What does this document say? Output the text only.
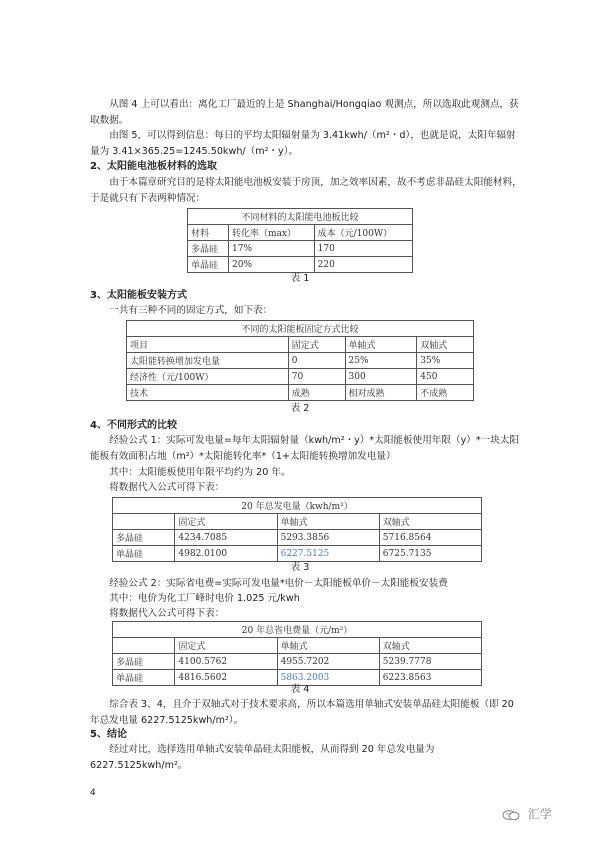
从图 4 上可以看出：离化工厂最近的上是 Shanghai/Hongqiao 观测点，所以选取此观测点，获取数据。

由图 5，可以得到信息：每日的平均太阳辐射量为 3.41kwh/（m²・d），也就是说，太阳年辐射量为 3.41×365.25=1245.50kwh/（m²・y）。

2、太阳能电池板材料的选取

由于本篇章研究目的是将太阳能电池板安装于房顶，加之效率因素，故不考虑非晶硅太阳能材料，于是就只有下表两种情况：

不同材料的太阳能电池板比较		
材料	转化率（max）	成本（元/100W）
多晶硅	17%	170
单晶硅	20%	220
表 1

3、太阳能板安装方式

一共有三种不同的固定方式，如下表：

不同的太阳能板固定方式比较			
项目	固定式	单轴式	双轴式
太阳能转换增加发电量	0	25%	35%
经济性（元/100W）	70	300	450
技术	成熟	相对成熟	不成熟
表 2

4、不同形式的比较

经验公式 1：实际可发电量=每年太阳辐射量（kwh/m²・y）*太阳能板使用年限（y）*一块太阳能板有效面积占地（m²）*太阳能转化率*（1+太阳能转换增加发电量）

其中：太阳能板使用年限平均约为 20 年。

将数据代入公式可得下表：

20 年总发电量（kwh/m²）			
	固定式	单轴式	双轴式
多晶硅	4234.7085	5293.3856	5716.8564
单晶硅	4982.0100	6227.5125	6725.7135
表 3

经验公式 2：实际省电费=实际可发电量*电价－太阳能板单价－太阳能板安装费

其中：电价为化工厂峰时电价 1.025 元/kwh

将数据代入公式可得下表：

20 年总省电费量（元/m²）			
	固定式	单轴式	双轴式
多晶硅	4100.5762	4955.7202	5239.7778
单晶硅	4816.5602	5863.2003	6223.8563
表 4

综合表 3、4，且介于双轴式对于技术要求高，所以本篇选用单轴式安装单晶硅太阳能板（即 20 年总发电量 6227.5125kwh/m²）。

5、结论

经过对比，选择选用单轴式安装单晶硅太阳能板，从而得到 20 年总发电量为 6227.5125kwh/m²。

4
汇学
